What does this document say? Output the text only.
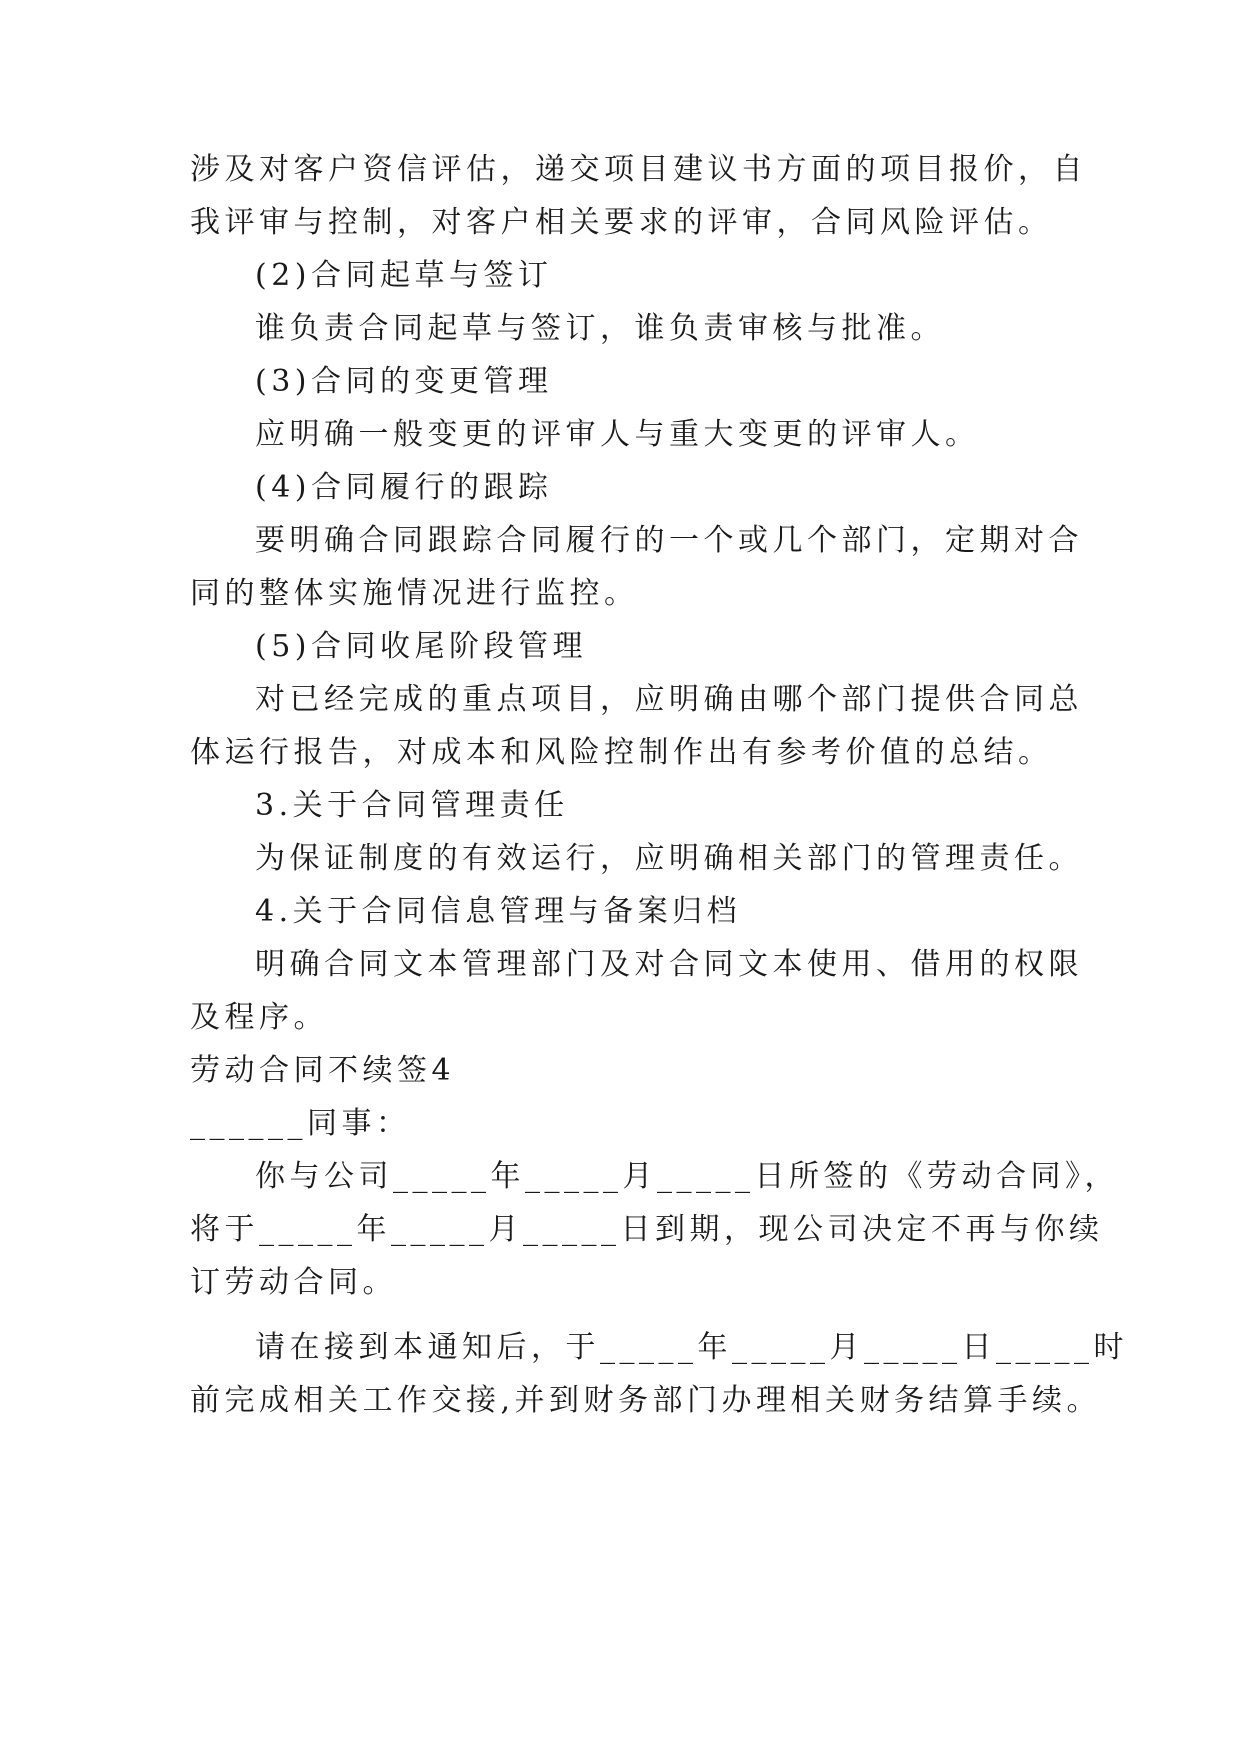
涉及对客户资信评估，递交项目建议书方面的项目报价，自
我评审与控制，对客户相关要求的评审，合同风险评估。
(2)合同起草与签订
谁负责合同起草与签订，谁负责审核与批准。
(3)合同的变更管理
应明确一般变更的评审人与重大变更的评审人。
(4)合同履行的跟踪
要明确合同跟踪合同履行的一个或几个部门，定期对合
同的整体实施情况进行监控。
(5)合同收尾阶段管理
对已经完成的重点项目，应明确由哪个部门提供合同总
体运行报告，对成本和风险控制作出有参考价值的总结。
3.关于合同管理责任
为保证制度的有效运行，应明确相关部门的管理责任。
4.关于合同信息管理与备案归档
明确合同文本管理部门及对合同文本使用、借用的权限
及程序。
劳动合同不续签4
______同事：
你与公司_____年_____月_____日所签的《劳动合同》，
将于_____年_____月_____日到期，现公司决定不再与你续
订劳动合同。
请在接到本通知后，于_____年_____月_____日_____时
前完成相关工作交接,并到财务部门办理相关财务结算手续。
